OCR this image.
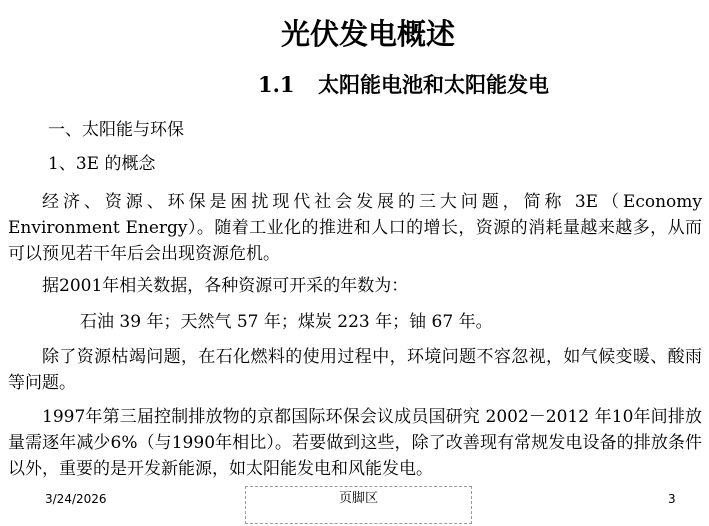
光伏发电概述
1.1 太阳能电池和太阳能发电

一、太阳能与环保

1、3E 的概念

经济、资源、环保是困扰现代社会发展的三大问题，简称 3E（Economy Environment Energy）。随着工业化的推进和人口的增长，资源的消耗量越来越多，从而可以预见若干年后会出现资源危机。

据2001年相关数据，各种资源可开采的年数为：

石油 39 年；天然气 57 年；煤炭 223 年；铀 67 年。

除了资源枯竭问题，在石化燃料的使用过程中，环境问题不容忽视，如气候变暖、酸雨等问题。

1997年第三届控制排放物的京都国际环保会议成员国研究 2002－2012 年10年间排放量需逐年减少6%（与1990年相比）。若要做到这些，除了改善现有常规发电设备的排放条件以外，重要的是开发新能源，如太阳能发电和风能发电。

3/24/2026	页脚区	3
